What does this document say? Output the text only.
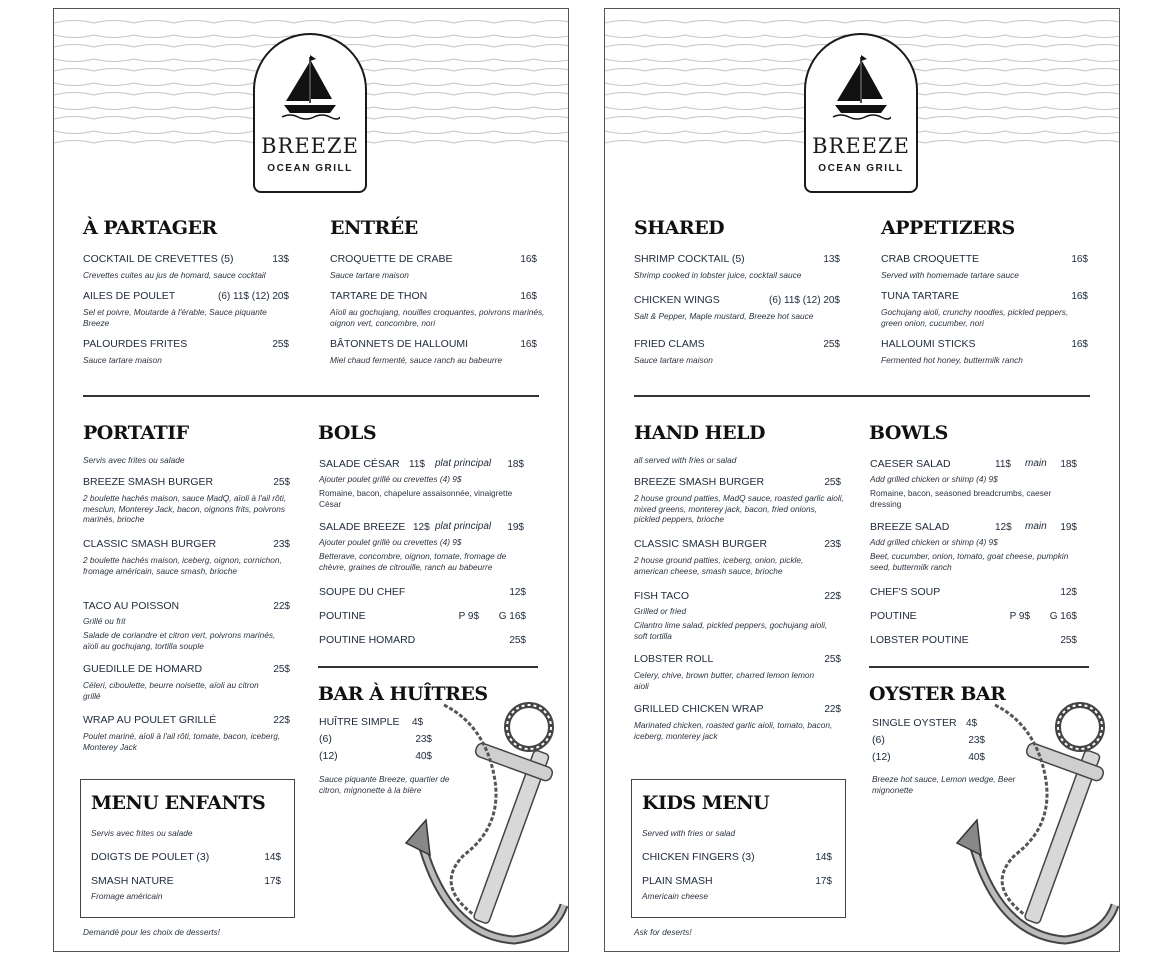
BREEZE
OCEAN GRILL
À PARTAGER
COCKTAIL DE CREVETTES (5)	13$
Crevettes cuites au jus de homard, sauce cocktail
AILES DE POULET	(6) 11$ (12) 20$
Sel et poivre, Moutarde à l'érable, Sauce piquante Breeze
PALOURDES FRITES	25$
Sauce tartare maison
ENTRÉE
CROQUETTE DE CRABE	16$
Sauce tartare maison
TARTARE DE THON	16$
Aïoli au gochujang, nouilles croquantes, poivrons marinés, oignon vert, concombre, nori
BÂTONNETS DE HALLOUMI	16$
Miel chaud fermenté, sauce ranch au babeurre
PORTATIF
Servis avec frites ou salade
BREEZE SMASH BURGER	25$
2 boulette hachés maison, sauce MadQ, aïoli à l'ail rôti, mesclun, Monterey Jack, bacon, oignons frits, poivrons marinés, brioche
CLASSIC SMASH BURGER	23$
2 boulette hachés maison, iceberg, oignon, cornichon, fromage américain, sauce smash, brioche
TACO AU POISSON	22$
Grillé ou frit
Salade de coriandre et citron vert, poivrons marinés, aïoli au gochujang, tortilla souple
GUEDILLE DE HOMARD	25$
Céleri, ciboulette, beurre noisette, aïoli au citron grillé
WRAP AU POULET GRILLÉ	22$
Poulet mariné, aïoli à l'ail rôti, tomate, bacon, iceberg, Monterey Jack
BOLS
SALADE CÉSAR 11$	plat principal	18$
Ajouter poulet grillé ou crevettes (4) 9$
Romaine, bacon, chapelure assaisonnée, vinaigrette César
SALADE BREEZE 12$ plat principal	19$
Ajouter poulet grillé ou crevettes (4) 9$
Betterave, concombre, oignon, tomate, fromage de chèvre, graines de citrouille, ranch au babeurre
SOUPE DU CHEF	12$
POUTINE	P 9$	G 16$
POUTINE HOMARD	25$
BAR À HUÎTRES
HUÎTRE SIMPLE 4$
(6)	23$
(12)	40$
Sauce piquante Breeze, quartier de citron, mignonette à la bière
MENU ENFANTS
Servis avec frites ou salade
DOIGTS DE POULET (3)	14$
SMASH NATURE	17$
Fromage américain
Demandé pour les choix de desserts!
BREEZE
OCEAN GRILL
SHARED
SHRIMP COCKTAIL (5)	13$
Shrimp cooked in lobster juice, cocktail sauce
CHICKEN WINGS	(6) 11$ (12) 20$
Salt & Pepper, Maple mustard, Breeze hot sauce
FRIED CLAMS	25$
Sauce tartare maison
APPETIZERS
CRAB CROQUETTE	16$
Served with homemade tartare sauce
TUNA TARTARE	16$
Gochujang aioli, crunchy noodles, pickled peppers, green onion, cucumber, nori
HALLOUMI STICKS	16$
Fermented hot honey, buttermilk ranch
HAND HELD
all served with fries or salad
BREEZE SMASH BURGER	25$
2 house ground patties, MadQ sauce, roasted garlic aioli, mixed greens, monterey jack, bacon, fried onions, pickled peppers, brioche
CLASSIC SMASH BURGER	23$
2 house ground patties, iceberg, onion, pickle, american cheese, smash sauce, brioche
FISH TACO	22$
Grilled or fried
Cilantro lime salad, pickled peppers, gochujang aioli, soft tortilla
LOBSTER ROLL	25$
Celery, chive, brown butter, charred lemon lemon aioli
GRILLED CHICKEN WRAP	22$
Marinated chicken, roasted garlic aioli, tomato, bacon, iceberg, monterey jack
BOWLS
CAESER SALAD	11$	main	18$
Add grilled chicken or shimp (4) 9$
Romaine, bacon, seasoned breadcrumbs, caeser dressing
BREEZE SALAD	12$	main	19$
Add grilled chicken or shimp (4) 9$
Beet, cucumber, onion, tomato, goat cheese, pumpkin seed, buttermilk ranch
CHEF'S SOUP	12$
POUTINE	P 9$	G 16$
LOBSTER POUTINE	25$
OYSTER BAR
SINGLE OYSTER 4$
(6)	23$
(12)	40$
Breeze hot sauce, Lemon wedge, Beer mignonette
KIDS MENU
Served with fries or salad
CHICKEN FINGERS (3)	14$
PLAIN SMASH	17$
Americain cheese
Ask for deserts!
